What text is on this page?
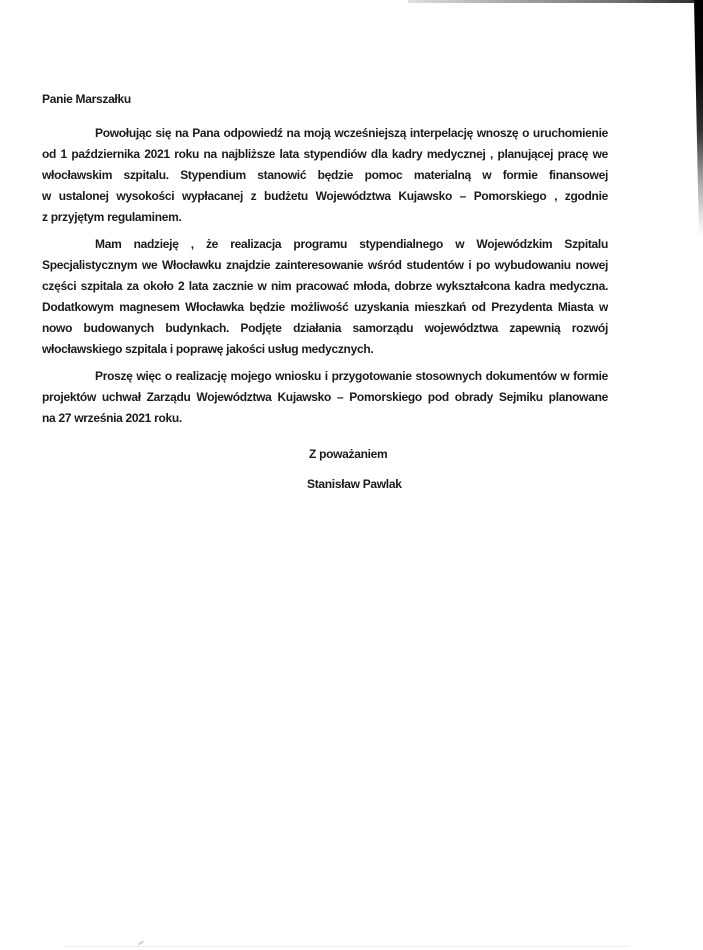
Panie Marszałku
Powołując się na Pana odpowiedź na moją wcześniejszą interpelację wnoszę o uruchomienie
od 1 października 2021 roku na najbliższe lata stypendiów dla kadry medycznej , planującej pracę we
włocławskim szpitalu. Stypendium stanowić będzie pomoc materialną w formie finansowej
w ustalonej wysokości wypłacanej z budżetu Województwa Kujawsko – Pomorskiego , zgodnie
z przyjętym regulaminem.
Mam nadzieję , że realizacja programu stypendialnego w Wojewódzkim Szpitalu
Specjalistycznym we Włocławku znajdzie zainteresowanie wśród studentów i po wybudowaniu nowej
części szpitala za około 2 lata zacznie w nim pracować młoda, dobrze wykształcona kadra medyczna.
Dodatkowym magnesem Włocławka będzie możliwość uzyskania mieszkań od Prezydenta Miasta w
nowo budowanych budynkach. Podjęte działania samorządu województwa zapewnią rozwój
włocławskiego szpitala i poprawę jakości usług medycznych.
Proszę więc o realizację mojego wniosku i przygotowanie stosownych dokumentów w formie
projektów uchwał Zarządu Województwa Kujawsko – Pomorskiego pod obrady Sejmiku planowane
na 27 września 2021 roku.
Z poważaniem
Stanisław Pawlak
